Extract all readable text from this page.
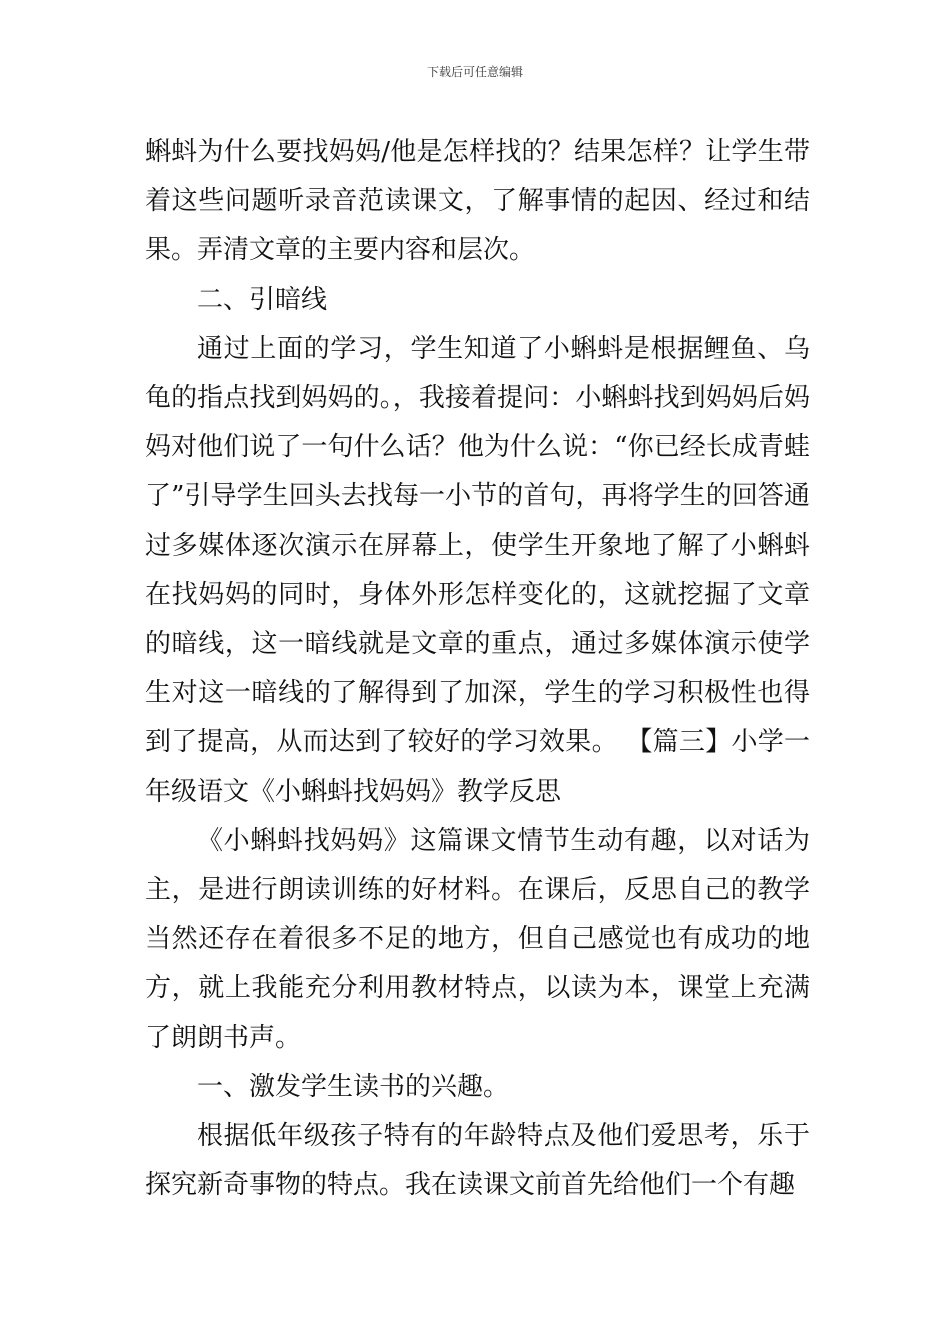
下载后可任意编辑

蝌蚪为什么要找妈妈/他是怎样找的？结果怎样？让学生带着这些问题听录音范读课文，了解事情的起因、经过和结果。弄清文章的主要内容和层次。

二、引暗线

通过上面的学习，学生知道了小蝌蚪是根据鲤鱼、乌龟的指点找到妈妈的。，我接着提问：小蝌蚪找到妈妈后妈妈对他们说了一句什么话？他为什么说：“你已经长成青蛙了”引导学生回头去找每一小节的首句，再将学生的回答通过多媒体逐次演示在屏幕上，使学生开象地了解了小蝌蚪在找妈妈的同时，身体外形怎样变化的，这就挖掘了文章的暗线，这一暗线就是文章的重点，通过多媒体演示使学生对这一暗线的了解得到了加深，学生的学习积极性也得到了提高，从而达到了较好的学习效果。 【篇三】小学一年级语文《小蝌蚪找妈妈》教学反思

《小蝌蚪找妈妈》这篇课文情节生动有趣，以对话为主，是进行朗读训练的好材料。在课后，反思自己的教学当然还存在着很多不足的地方，但自己感觉也有成功的地方，就上我能充分利用教材特点，以读为本，课堂上充满了朗朗书声。

一、激发学生读书的兴趣。

根据低年级孩子特有的年龄特点及他们爱思考，乐于探究新奇事物的特点。我在读课文前首先给他们一个有趣
